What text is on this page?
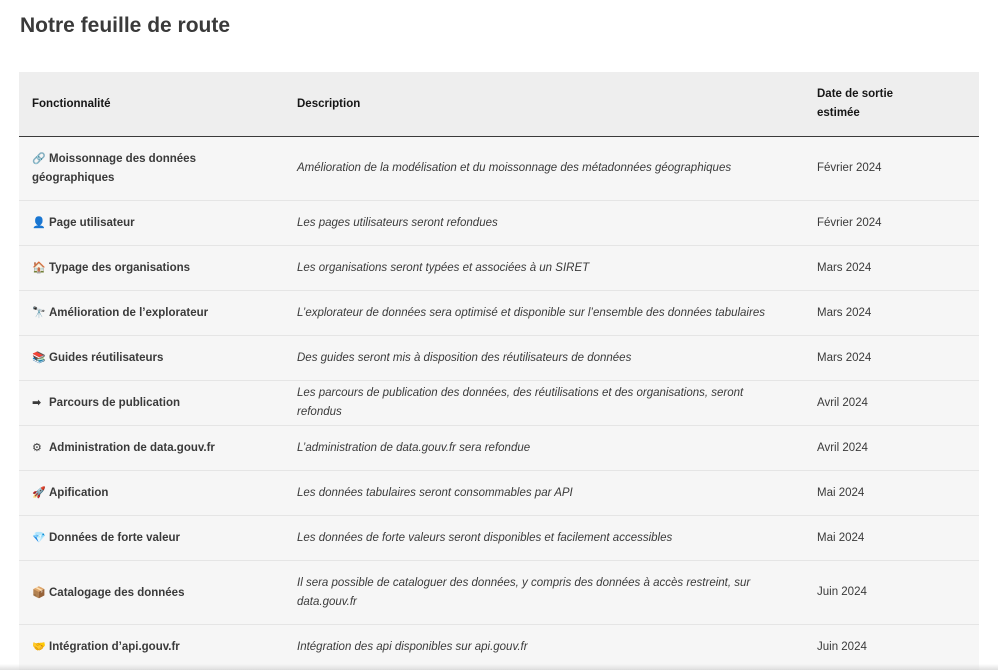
Notre feuille de route
Fonctionnalité	Description	Date de sortie estimée

🔗 Moissonnage des données géographiques	Amélioration de la modélisation et du moissonnage des métadonnées géographiques	Février 2024
👤 Page utilisateur	Les pages utilisateurs seront refondues	Février 2024
🏠 Typage des organisations	Les organisations seront typées et associées à un SIRET	Mars 2024
🔭 Amélioration de l’explorateur	L’explorateur de données sera optimisé et disponible sur l’ensemble des données tabulaires	Mars 2024
📚 Guides réutilisateurs	Des guides seront mis à disposition des réutilisateurs de données	Mars 2024
➡ Parcours de publication	Les parcours de publication des données, des réutilisations et des organisations, seront refondus	Avril 2024
⚙ Administration de data.gouv.fr	L’administration de data.gouv.fr sera refondue	Avril 2024
🚀 Apification	Les données tabulaires seront consommables par API	Mai 2024
💎 Données de forte valeur	Les données de forte valeurs seront disponibles et facilement accessibles	Mai 2024
📦 Catalogage des données	Il sera possible de cataloguer des données, y compris des données à accès restreint, sur data.gouv.fr	Juin 2024
🤝 Intégration d’api.gouv.fr	Intégration des api disponibles sur api.gouv.fr	Juin 2024
